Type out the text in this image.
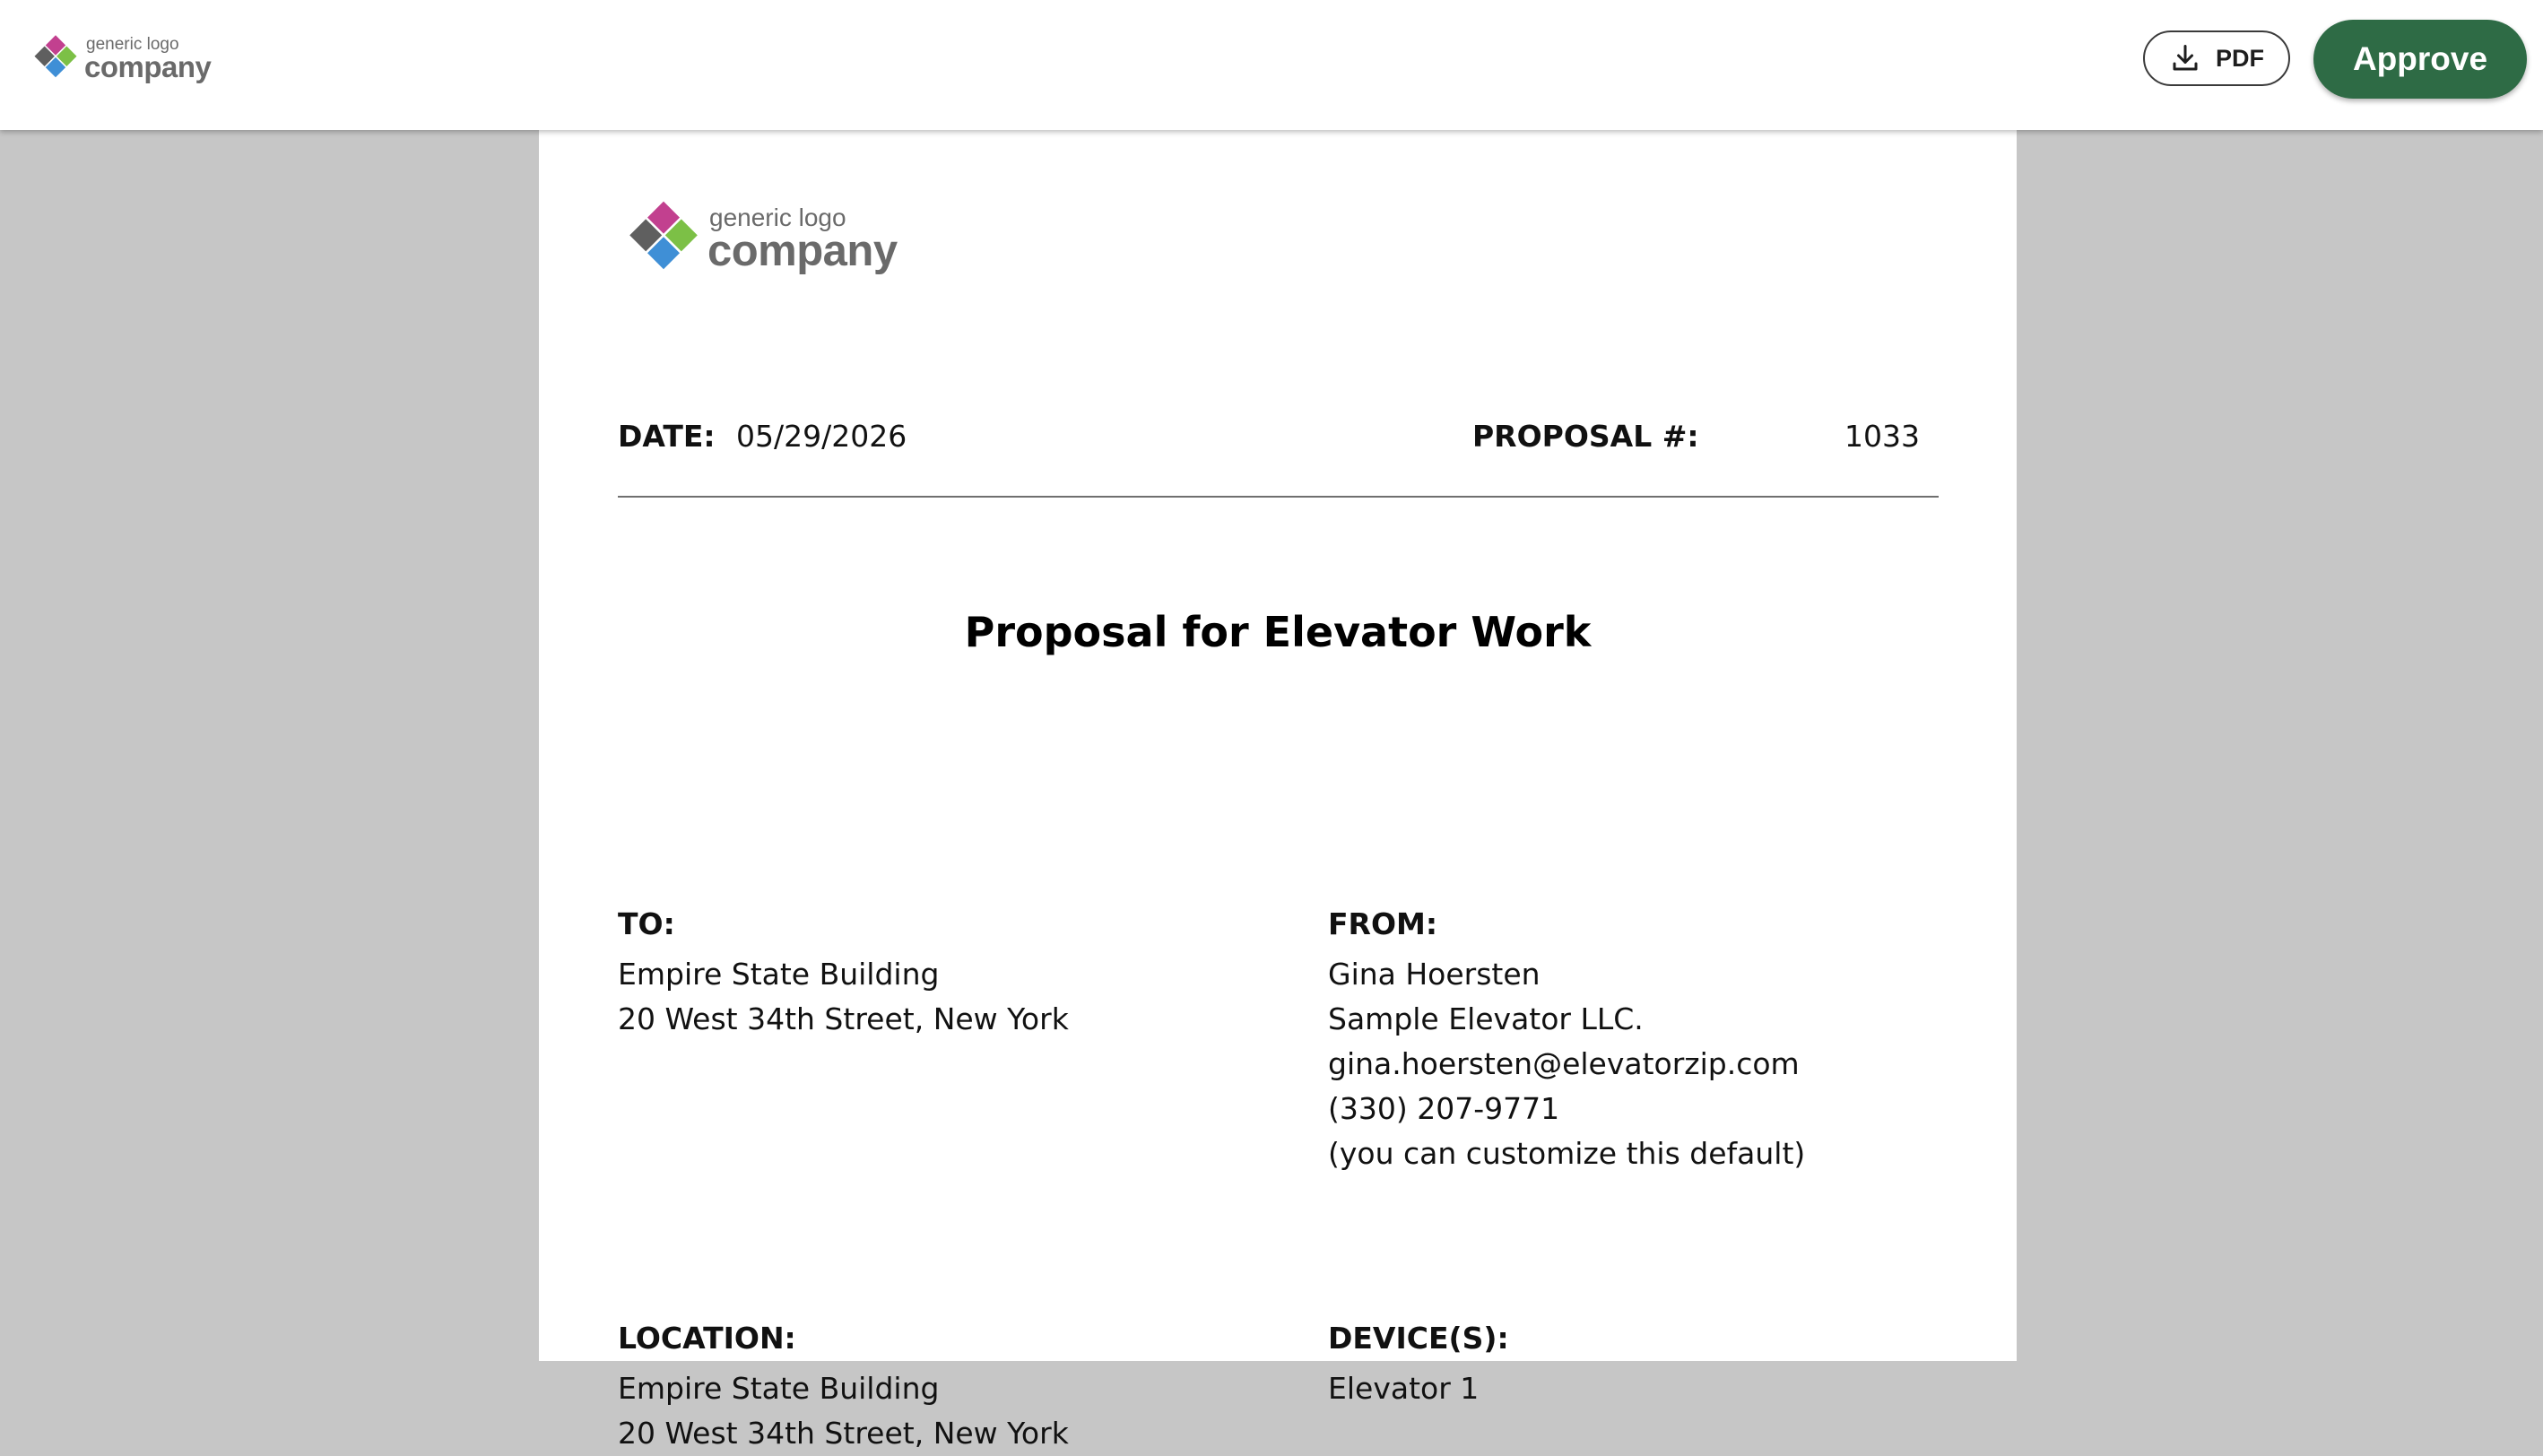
generic logo
company	PDF	Approve
generic logo
company
DATE: 05/29/2026	PROPOSAL #:	1033
Proposal for Elevator Work
TO:
Empire State Building
20 West 34th Street, New York
FROM:
Gina Hoersten
Sample Elevator LLC.
gina.hoersten@elevatorzip.com
(330) 207-9771
(you can customize this default)
LOCATION:
Empire State Building
20 West 34th Street, New York
DEVICE(S):
Elevator 1
